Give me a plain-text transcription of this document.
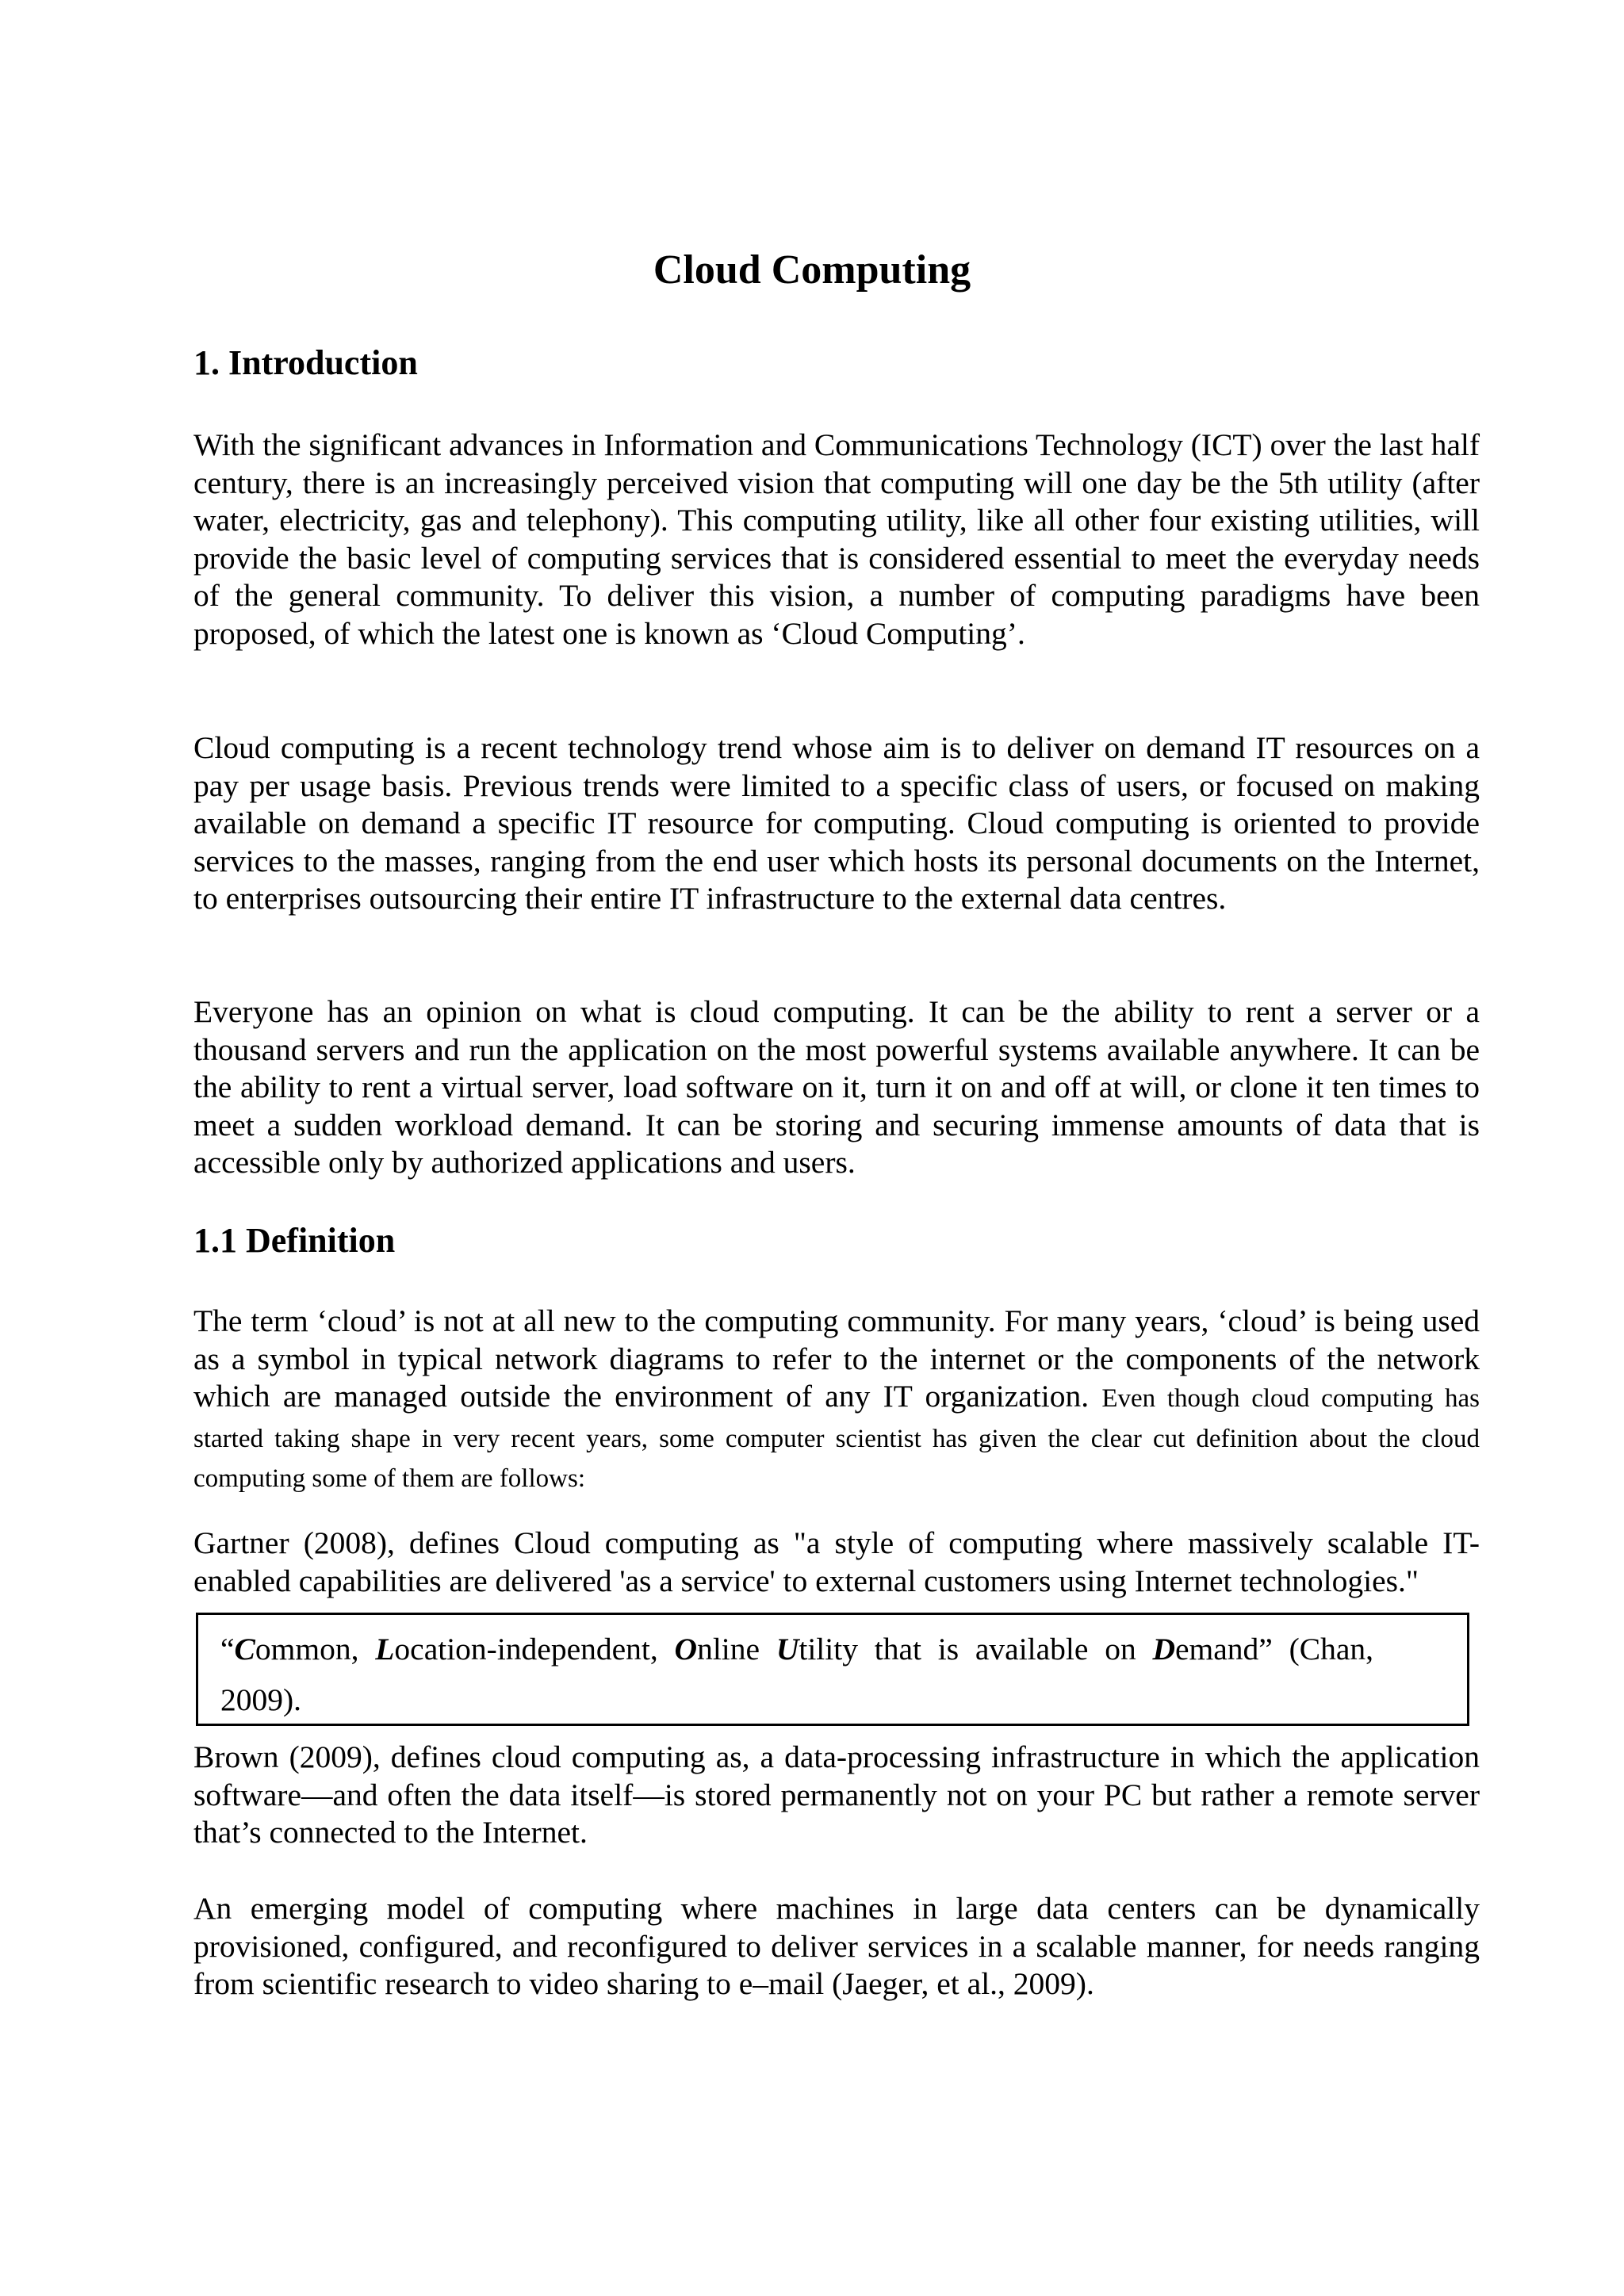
Cloud Computing
1. Introduction

With the significant advances in Information and Communications Technology (ICT) over the last half century, there is an increasingly perceived vision that computing will one day be the 5th utility (after water, electricity, gas and telephony). This computing utility, like all other four existing utilities, will provide the basic level of computing services that is considered essential to meet the everyday needs of the general community. To deliver this vision, a number of computing paradigms have been proposed, of which the latest one is known as ‘Cloud Computing’.

Cloud computing is a recent technology trend whose aim is to deliver on demand IT resources on a pay per usage basis. Previous trends were limited to a specific class of users, or focused on making available on demand a specific IT resource for computing. Cloud computing is oriented to provide services to the masses, ranging from the end user which hosts its personal documents on the Internet, to enterprises outsourcing their entire IT infrastructure to the external data centres.

Everyone has an opinion on what is cloud computing. It can be the ability to rent a server or a thousand servers and run the application on the most powerful systems available anywhere. It can be the ability to rent a virtual server, load software on it, turn it on and off at will, or clone it ten times to meet a sudden workload demand. It can be storing and securing immense amounts of data that is accessible only by authorized applications and users.

1.1 Definition

The term ‘cloud’ is not at all new to the computing community. For many years, ‘cloud’ is being used as a symbol in typical network diagrams to refer to the internet or the components of the network which are managed outside the environment of any IT organization. Even though cloud computing has started taking shape in very recent years, some computer scientist has given the clear cut definition about the cloud computing some of them are follows:

Gartner (2008), defines Cloud computing as "a style of computing where massively scalable IT-enabled capabilities are delivered 'as a service' to external customers using Internet technologies."

“Common, Location-independent, Online Utility that is available on Demand” (Chan, 2009).

Brown (2009), defines cloud computing as, a data-processing infrastructure in which the application software—and often the data itself—is stored permanently not on your PC but rather a remote server that’s connected to the Internet.

An emerging model of computing where machines in large data centers can be dynamically provisioned, configured, and reconfigured to deliver services in a scalable manner, for needs ranging from scientific research to video sharing to e–mail (Jaeger, et al., 2009).
